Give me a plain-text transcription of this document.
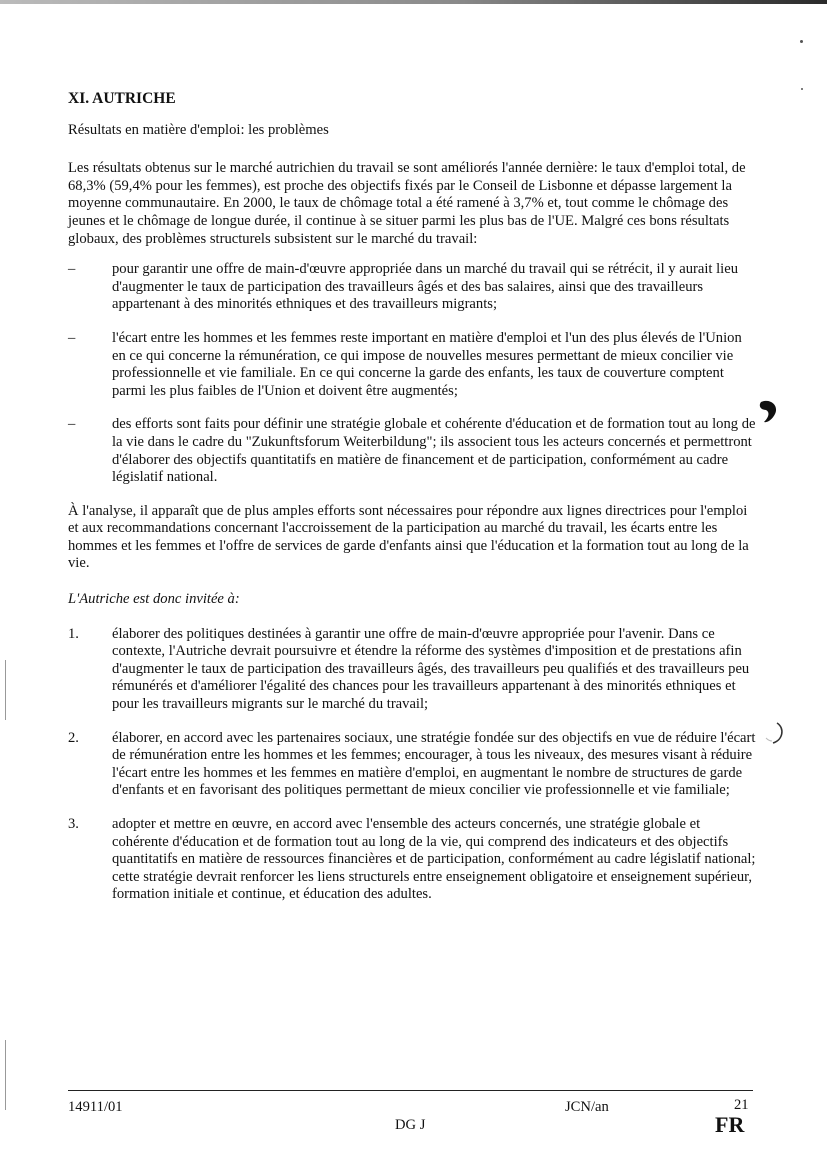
XI. AUTRICHE
Résultats en matière d'emploi: les problèmes

Les résultats obtenus sur le marché autrichien du travail se sont améliorés l'année dernière: le taux d'emploi total, de 68,3% (59,4% pour les femmes), est proche des objectifs fixés par le Conseil de Lisbonne et dépasse largement la moyenne communautaire. En 2000, le taux de chômage total a été ramené à 3,7% et, tout comme le chômage des jeunes et le chômage de longue durée, il continue à se situer parmi les plus bas de l'UE. Malgré ces bons résultats globaux, des problèmes structurels subsistent sur le marché du travail:

–	pour garantir une offre de main-d'œuvre appropriée dans un marché du travail qui se rétrécit, il y aurait lieu d'augmenter le taux de participation des travailleurs âgés et des bas salaires, ainsi que des travailleurs appartenant à des minorités ethniques et des travailleurs migrants;
–	l'écart entre les hommes et les femmes reste important en matière d'emploi et l'un des plus élevés de l'Union en ce qui concerne la rémunération, ce qui impose de nouvelles mesures permettant de mieux concilier vie professionnelle et vie familiale. En ce qui concerne la garde des enfants, les taux de couverture comptent parmi les plus faibles de l'Union et doivent être augmentés;
–	des efforts sont faits pour définir une stratégie globale et cohérente d'éducation et de formation tout au long de la vie dans le cadre du "Zukunftsforum Weiterbildung"; ils associent tous les acteurs concernés et permettront d'élaborer des objectifs quantitatifs en matière de financement et de participation, conformément au cadre législatif national.

À l'analyse, il apparaît que de plus amples efforts sont nécessaires pour répondre aux lignes directrices pour l'emploi et aux recommandations concernant l'accroissement de la participation au marché du travail, les écarts entre les hommes et les femmes et l'offre de services de garde d'enfants ainsi que l'éducation et la formation tout au long de la vie.

L'Autriche est donc invitée à:
1. élaborer des politiques destinées à garantir une offre de main-d'œuvre appropriée pour l'avenir. Dans ce contexte, l'Autriche devrait poursuivre et étendre la réforme des systèmes d'imposition et de prestations afin d'augmenter le taux de participation des travailleurs âgés, des travailleurs peu qualifiés et des travailleurs peu rémunérés et d'améliorer l'égalité des chances pour les travailleurs appartenant à des minorités ethniques et pour les travailleurs migrants sur le marché du travail;
2. élaborer, en accord avec les partenaires sociaux, une stratégie fondée sur des objectifs en vue de réduire l'écart de rémunération entre les hommes et les femmes; encourager, à tous les niveaux, des mesures visant à réduire l'écart entre les hommes et les femmes en matière d'emploi, en augmentant le nombre de structures de garde d'enfants et en favorisant des politiques permettant de mieux concilier vie professionnelle et vie familiale;
3. adopter et mettre en œuvre, en accord avec l'ensemble des acteurs concernés, une stratégie globale et cohérente d'éducation et de formation tout au long de la vie, qui comprend des indicateurs et des objectifs quantitatifs en matière de ressources financières et de participation, conformément au cadre législatif national; cette stratégie devrait renforcer les liens structurels entre enseignement obligatoire et enseignement supérieur, formation initiale et continue, et éducation des adultes.
14911/01	JCN/an	21
DG J	FR
